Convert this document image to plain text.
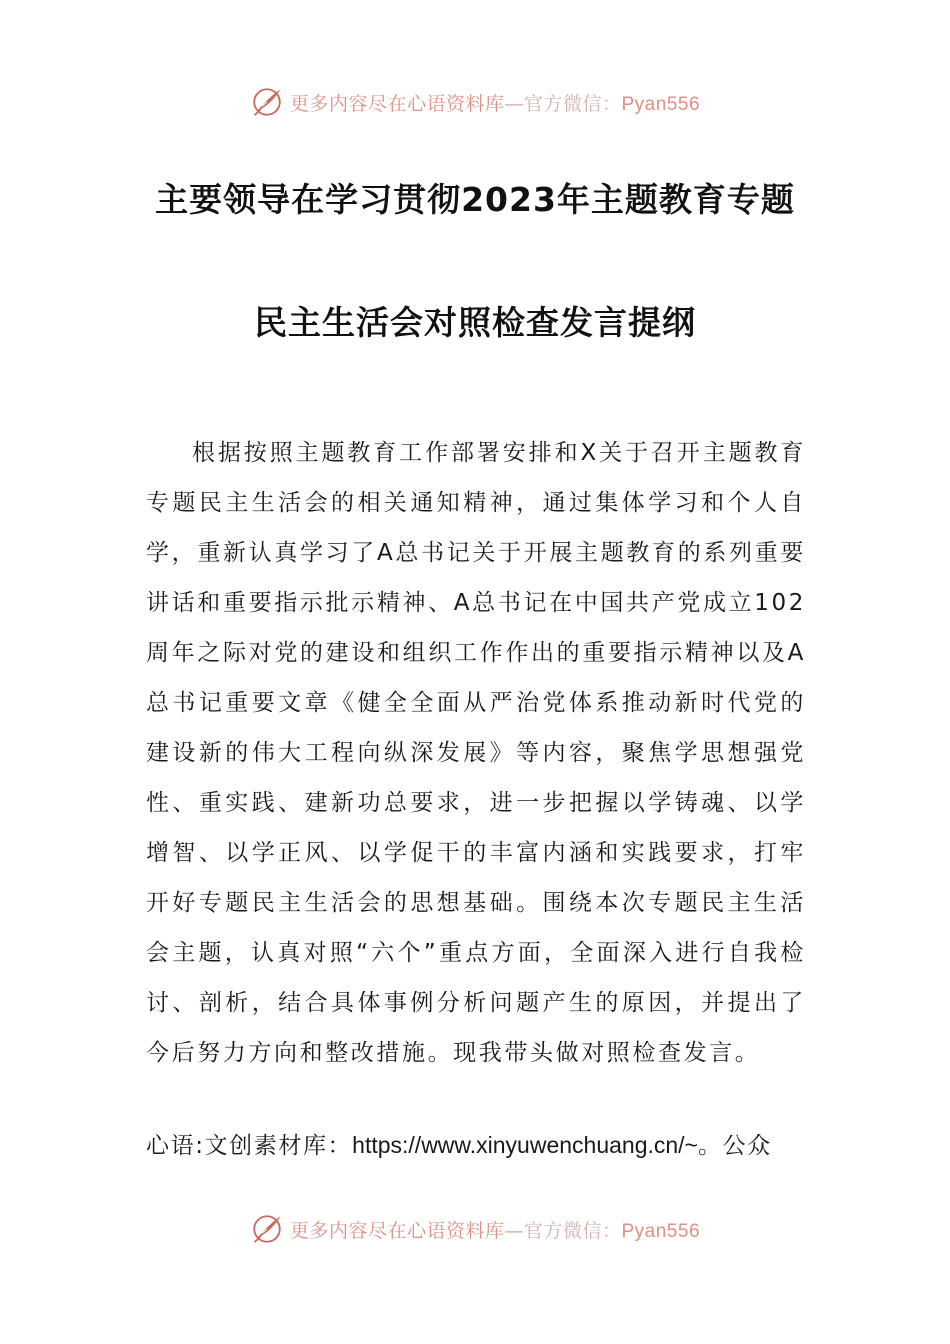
更多内容尽在心语资料库—官方微信：Pyan556
主要领导在学习贯彻2023年主题教育专题
民主生活会对照检查发言提纲

根据按照主题教育工作部署安排和X关于召开主题教育专题民主生活会的相关通知精神，通过集体学习和个人自学，重新认真学习了A总书记关于开展主题教育的系列重要讲话和重要指示批示精神、A总书记在中国共产党成立102周年之际对党的建设和组织工作作出的重要指示精神以及A总书记重要文章《健全全面从严治党体系推动新时代党的建设新的伟大工程向纵深发展》等内容，聚焦学思想强党性、重实践、建新功总要求，进一步把握以学铸魂、以学增智、以学正风、以学促干的丰富内涵和实践要求，打牢开好专题民主生活会的思想基础。围绕本次专题民主生活会主题，认真对照“六个”重点方面，全面深入进行自我检讨、剖析，结合具体事例分析问题产生的原因，并提出了今后努力方向和整改措施。现我带头做对照检查发言。

心语:文创素材库：https://www.xinyuwenchuang.cn/~。公众
更多内容尽在心语资料库—官方微信：Pyan556
